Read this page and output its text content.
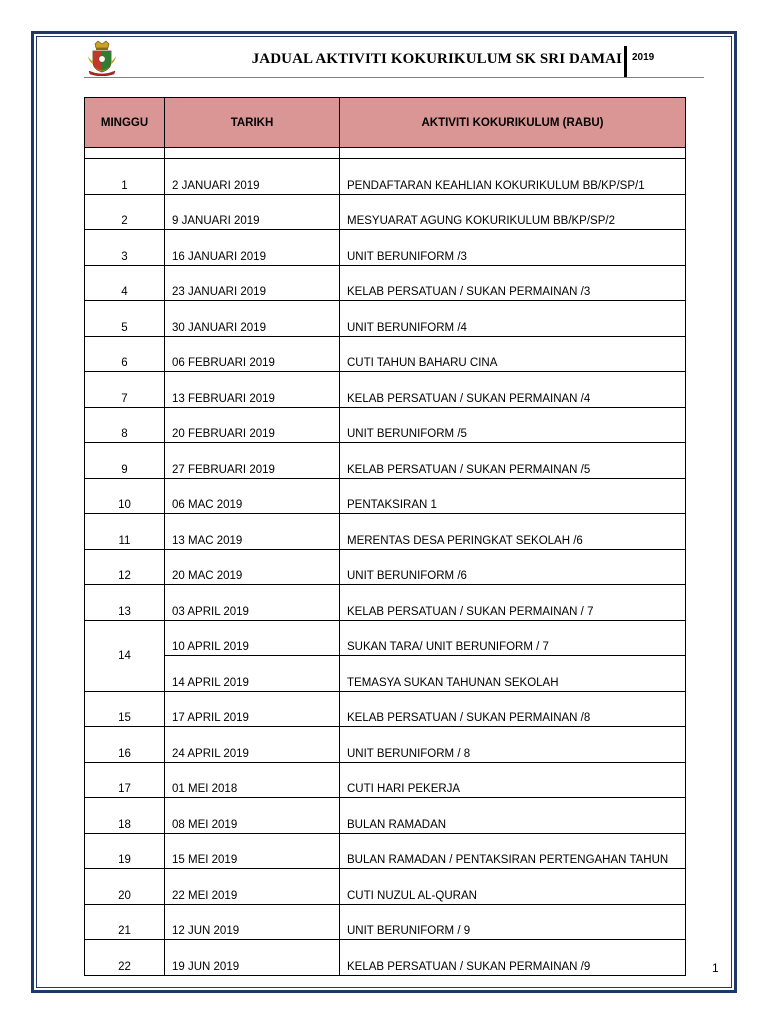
JADUAL AKTIVITI KOKURIKULUM SK SRI DAMAI 2019
MINGGU	TARIKH	AKTIVITI KOKURIKULUM (RABU)

1	2 JANUARI 2019	PENDAFTARAN KEAHLIAN KOKURIKULUM BB/KP/SP/1
2	9 JANUARI 2019	MESYUARAT AGUNG KOKURIKULUM BB/KP/SP/2
3	16 JANUARI 2019	UNIT BERUNIFORM /3
4	23 JANUARI 2019	KELAB PERSATUAN / SUKAN PERMAINAN /3
5	30 JANUARI 2019	UNIT BERUNIFORM /4
6	06 FEBRUARI 2019	CUTI TAHUN BAHARU CINA
7	13 FEBRUARI 2019	KELAB PERSATUAN / SUKAN PERMAINAN /4
8	20 FEBRUARI 2019	UNIT BERUNIFORM /5
9	27 FEBRUARI 2019	KELAB PERSATUAN / SUKAN PERMAINAN /5
10	06 MAC 2019	PENTAKSIRAN 1
11	13 MAC 2019	MERENTAS DESA PERINGKAT SEKOLAH /6
12	20 MAC 2019	UNIT BERUNIFORM /6
13	03 APRIL 2019	KELAB PERSATUAN / SUKAN PERMAINAN / 7
14	10 APRIL 2019	SUKAN TARA/ UNIT BERUNIFORM / 7
	14 APRIL 2019	TEMASYA SUKAN TAHUNAN SEKOLAH
15	17 APRIL 2019	KELAB PERSATUAN / SUKAN PERMAINAN /8
16	24 APRIL 2019	UNIT BERUNIFORM / 8
17	01 MEI 2018	CUTI HARI PEKERJA
18	08 MEI 2019	BULAN RAMADAN
19	15 MEI 2019	BULAN RAMADAN / PENTAKSIRAN PERTENGAHAN TAHUN
20	22 MEI 2019	CUTI NUZUL AL-QURAN
21	12 JUN 2019	UNIT BERUNIFORM / 9
22	19 JUN 2019	KELAB PERSATUAN / SUKAN PERMAINAN /9	1
